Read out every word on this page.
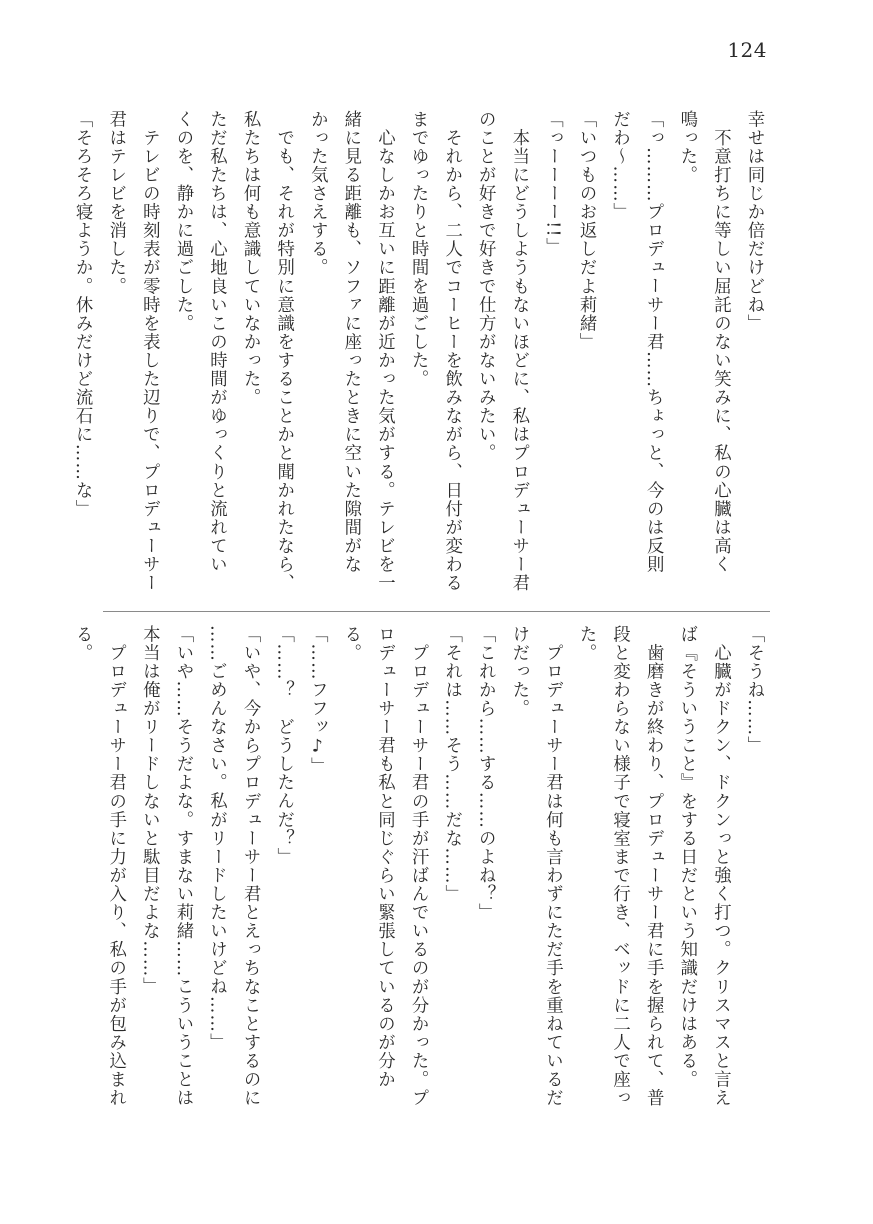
124
幸せは同じか倍だけどね」
　不意打ちに等しい屈託のない笑みに、私の心臓は高く
鳴った。
「っ………プロデューサー君……ちょっと、今のは反則
だわ〜……」
「いつものお返しだよ莉緒」
「っーーーー!!」
　本当にどうしようもないほどに、私はプロデューサー君
のことが好きで好きで仕方がないみたい。
　それから、二人でコーヒーを飲みながら、日付が変わる
までゆったりと時間を過ごした。
　心なしかお互いに距離が近かった気がする。テレビを一
緒に見る距離も、ソファに座ったときに空いた隙間がな
かった気さえする。
　でも、それが特別に意識をすることかと聞かれたなら、
私たちは何も意識していなかった。
ただ私たちは、心地良いこの時間がゆっくりと流れてい
くのを、静かに過ごした。
　テレビの時刻表が零時を表した辺りで、プロデューサー
君はテレビを消した。
「そろそろ寝ようか。休みだけど流石に……な」
「そうね……」
　心臓がドクン、ドクンっと強く打つ。クリスマスと言え
ば『そういうこと』をする日だという知識だけはある。
　歯磨きが終わり、プロデューサー君に手を握られて、普
段と変わらない様子で寝室まで行き、ベッドに二人で座っ
た。
　プロデューサー君は何も言わずにただ手を重ねているだ
けだった。
「これから……する……のよね？」
「それは……そう……だな……」
　プロデューサー君の手が汗ばんでいるのが分かった。プ
ロデューサー君も私と同じぐらい緊張しているのが分か
る。
「……フフッ♪」
「……？　どうしたんだ？」
「いや、今からプロデューサー君とえっちなことするのに
……ごめんなさい。私がリードしたいけどね……」
「いや……そうだよな。すまない莉緒……こういうことは
本当は俺がリードしないと駄目だよな……」
　プロデューサー君の手に力が入り、私の手が包み込まれ
る。
